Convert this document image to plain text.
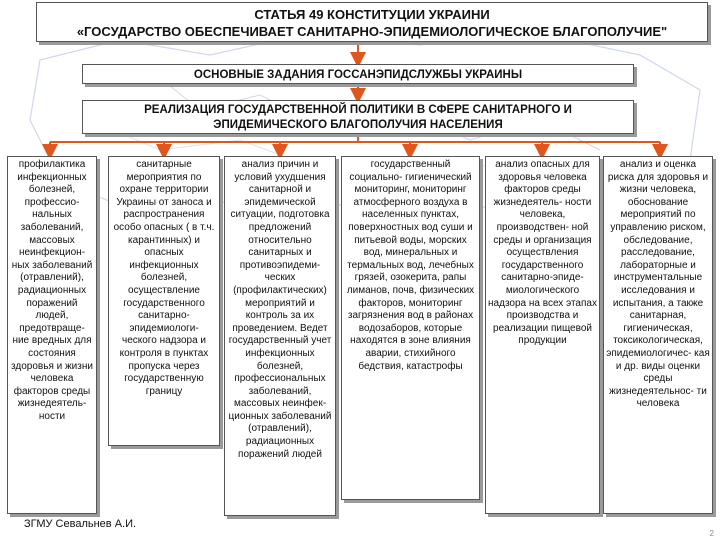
СТАТЬЯ 49 КОНСТИТУЦИИ УКРАИНИ
«ГОСУДАРСТВО ОБЕСПЕЧИВАЕТ САНИТАРНО-ЭПИДЕМИОЛОГИЧЕСКОЕ БЛАГОПОЛУЧИЕ"
ОСНОВНЫЕ ЗАДАНИЯ ГОССАНЭПИДСЛУЖБЫ УКРАИНЫ
РЕАЛИЗАЦИЯ ГОСУДАРСТВЕННОЙ ПОЛИТИКИ В СФЕРЕ САНИТАРНОГО И
ЭПИДЕМИЧЕСКОГО БЛАГОПОЛУЧИЯ НАСЕЛЕНИЯ
профилактика инфекционных болезней, профессио- нальных заболеваний, массовых неинфекцион- ных заболеваний (отравлений), радиационных поражений людей, предотвраще- ние вредных для состояния здоровья и жизни человека факторов среды жизнедеятель- ности
санитарные мероприятия по охране территории Украины от заноса и распространения особо опасных ( в т.ч. карантинных) и опасных инфекционных болезней, осуществление государственного санитарно- эпидемиологи- ческого надзора и контроля в пунктах пропуска через государственную границу
анализ причин и условий ухудшения санитарной и эпидемической ситуации, подготовка предложений относительно санитарных и противоэпидеми- ческих (профилактических) мероприятий и контроль за их проведением. Ведет государственный учет инфекционных болезней, профессиональных заболеваний, массовых неинфек- ционных заболеваний (отравлений), радиационных поражений людей
государственный социально- гигиенический мониторинг, мониторинг атмосферного воздуха в населенных пунктах, поверхностных вод суши и питьевой воды, морских вод, минеральных и термальных вод, лечебных грязей, озокерита, рапы лиманов, почв, физических факторов, мониторинг загрязнения вод в районах водозаборов, которые находятся в зоне влияния аварии, стихийного бедствия, катастрофы
анализ опасных для здоровья человека факторов среды жизнедеятель- ности человека, производствен- ной среды и организация осуществления государственного санитарно-эпиде- миологического надзора на всех этапах производства и реализации пищевой продукции
анализ и оценка риска для здоровья и жизни человека, обоснование мероприятий по управлению риском, обследование, расследование, лабораторные и инструментальные исследования и испытания, а также санитарная, гигиеническая, токсикологическая, эпидемиологичес- кая и др. виды оценки среды жизнедеятельнос- ти человека
ЗГМУ Севальнев А.И.
2
